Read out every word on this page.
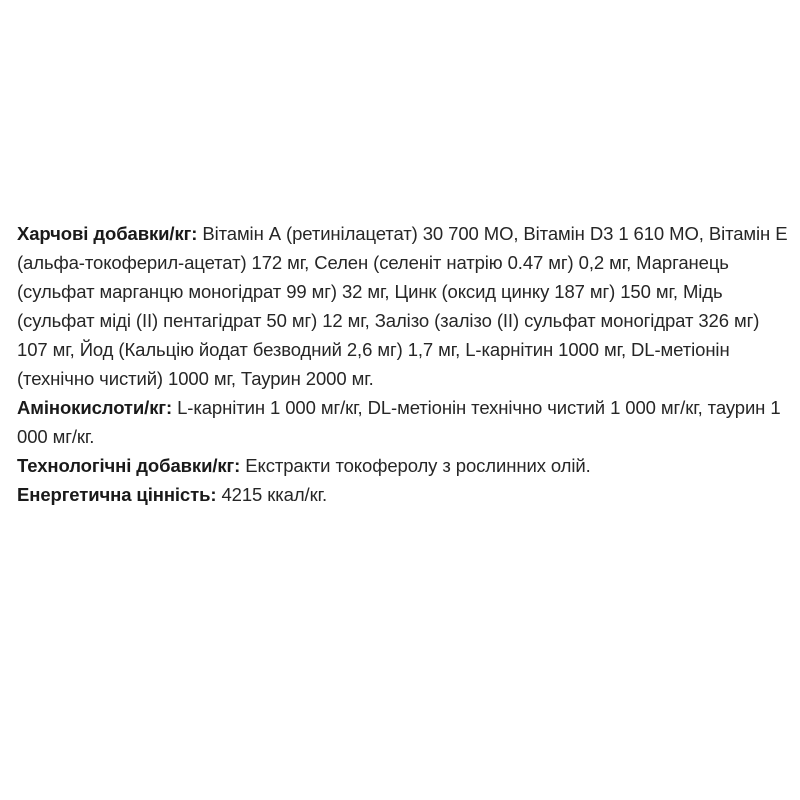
Харчові добавки/кг: Вітамін А (ретинілацетат) 30 700 МО, Вітамін D3 1 610 МО, Вітамін Е (альфа-токоферил-ацетат) 172 мг, Селен (селеніт натрію 0.47 мг) 0,2 мг, Марганець (сульфат марганцю моногідрат 99 мг) 32 мг, Цинк (оксид цинку 187 мг) 150 мг, Мідь (сульфат міді (II) пентагідрат 50 мг) 12 мг, Залізо (залізо (II) сульфат моногідрат 326 мг) 107 мг, Йод (Кальцію йодат безводний 2,6 мг) 1,7 мг, L-карнітин 1000 мг, DL-метіонін (технічно чистий) 1000 мг, Таурин 2000 мг.

Амінокислоти/кг: L-карнітин 1 000 мг/кг, DL-метіонін технічно чистий 1 000 мг/кг, таурин 1 000 мг/кг.

Технологічні добавки/кг: Екстракти токоферолу з рослинних олій.

Енергетична цінність: 4215 ккал/кг.
